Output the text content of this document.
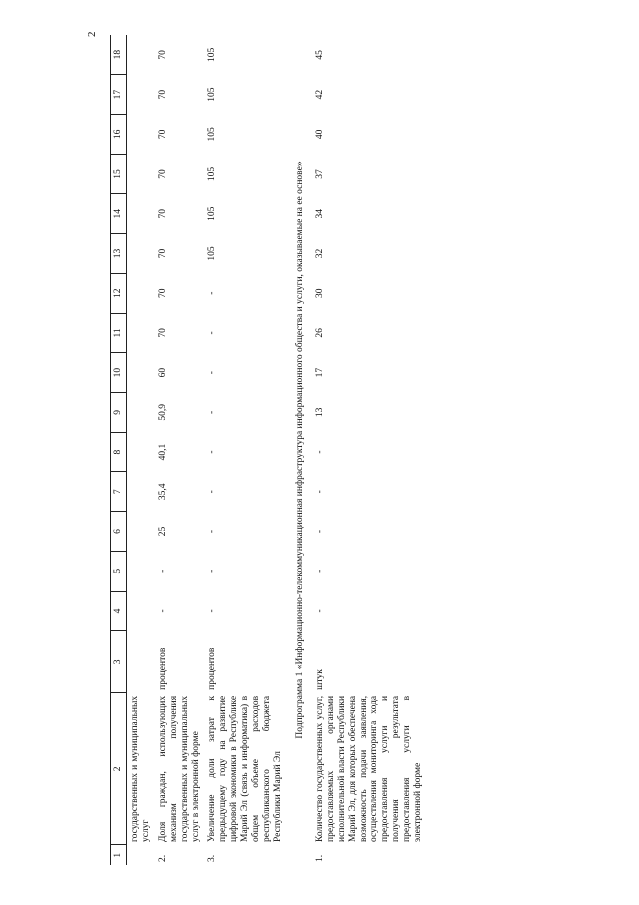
2
1	2	3	4	5	6	7	8	9	10	11	12	13	14	15	16	17	18
	государственных и муниципальных услуг																
2.	Доля граждан, использующих механизм получения государственных и муниципальных услуг в электронной форме	процентов	-	-	25	35,4	40,1	50,9	60	70	70	70	70	70	70	70	70
3.	Увеличение доли затрат к предыдущему году на развитие цифровой экономики в Республике Марий Эл (связь и информатика) в общем объеме расходов республиканского бюджета Республики Марий Эл	процентов	-	-	-	-	-	-	-	-	-	105	105	105	105	105	105
Подпрограмма 1 «Информационно-телекоммуникационная инфраструктура информационного общества и услуги, оказываемые на ее основе»																	
1.	Количество государственных услуг, предоставляемых органами исполнительной власти Республики Марий Эл, для которых обеспечена возможность подачи заявления, осуществления мониторинга хода предоставления услуги и получения результата предоставления услуги в электронной форме	штук	-	-	-	-	-	13	17	26	30	32	34	37	40	42	45
